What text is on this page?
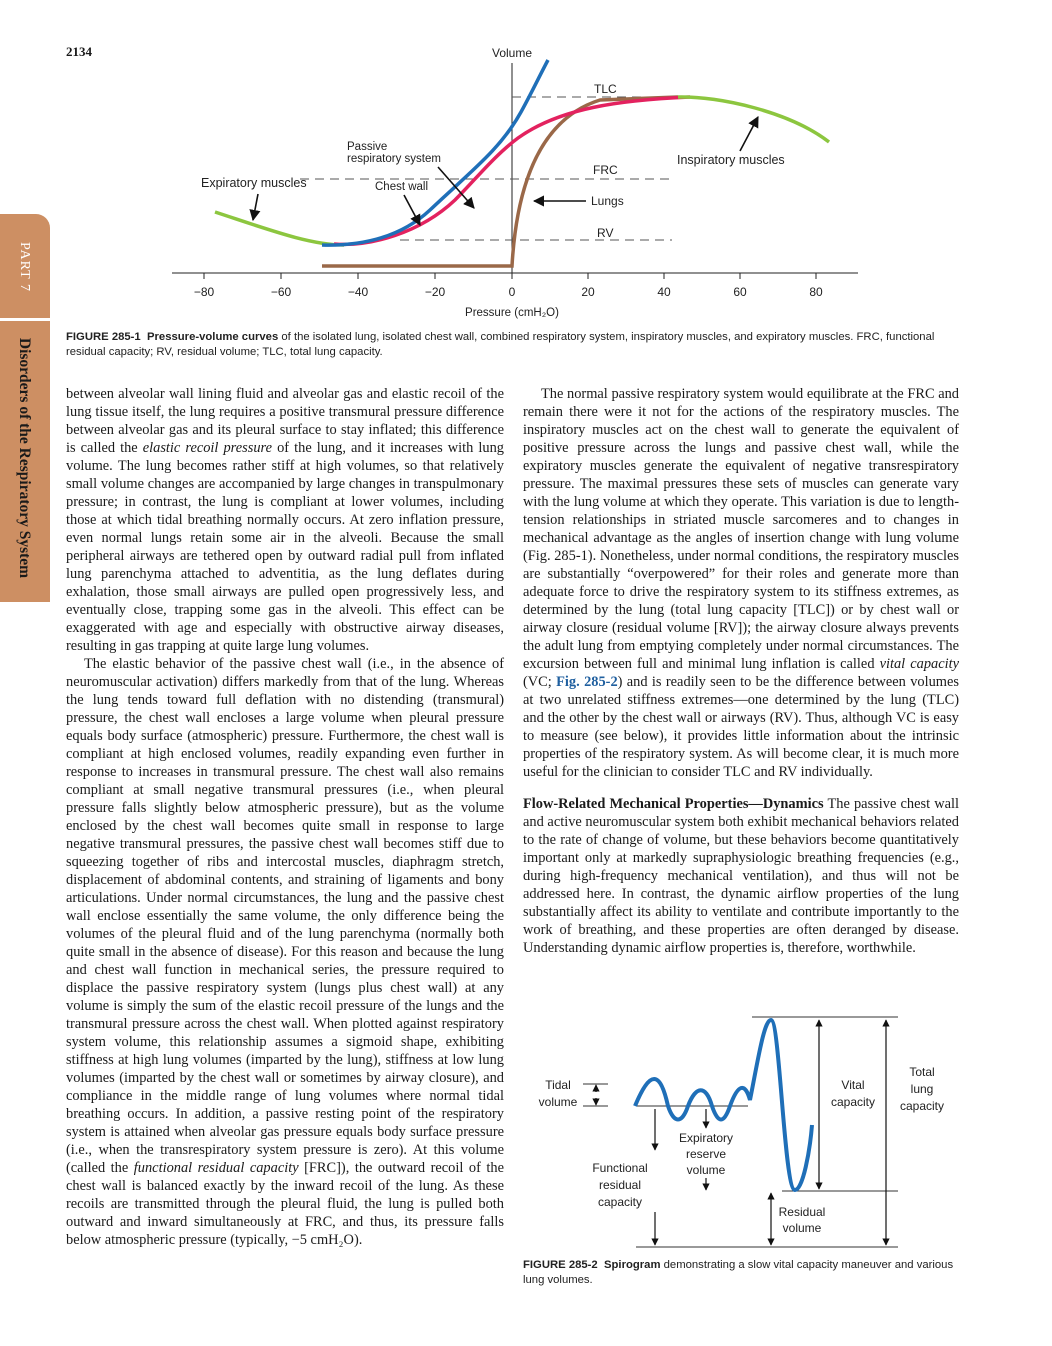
2134
PART 7
Disorders of the Respiratory System
−80	−60	−40	−20	0	20	40	60	80
Volume
Pressure (cmH₂O)
TLC
FRC
RV
Expiratory muscles
Passive
respiratory system
Chest wall
Lungs
Inspiratory muscles
FIGURE 285-1 Pressure-volume curves of the isolated lung, isolated chest wall, combined respiratory system, inspiratory muscles, and expiratory muscles. FRC, functional residual capacity; RV, residual volume; TLC, total lung capacity.

between alveolar wall lining fluid and alveolar gas and elastic recoil of the lung tissue itself, the lung requires a positive transmural pressure difference between alveolar gas and its pleural surface to stay inflated; this difference is called the elastic recoil pressure of the lung, and it increases with lung volume. The lung becomes rather stiff at high volumes, so that relatively small volume changes are accompanied by large changes in transpulmonary pressure; in contrast, the lung is compliant at lower volumes, including those at which tidal breathing normally occurs. At zero inflation pressure, even normal lungs retain some air in the alveoli. Because the small peripheral airways are tethered open by outward radial pull from inflated lung parenchyma attached to adventitia, as the lung deflates during exhalation, those small airways are pulled open progressively less, and eventually close, trapping some gas in the alveoli. This effect can be exaggerated with age and especially with obstructive airway diseases, resulting in gas trapping at quite large lung volumes.

The elastic behavior of the passive chest wall (i.e., in the absence of neuromuscular activation) differs markedly from that of the lung. Whereas the lung tends toward full deflation with no distending (transmural) pressure, the chest wall encloses a large volume when pleural pressure equals body surface (atmospheric) pressure. Furthermore, the chest wall is compliant at high enclosed volumes, readily expanding even further in response to increases in transmural pressure. The chest wall also remains compliant at small negative transmural pressures (i.e., when pleural pressure falls slightly below atmospheric pressure), but as the volume enclosed by the chest wall becomes quite small in response to large negative transmural pressures, the passive chest wall becomes stiff due to squeezing together of ribs and intercostal muscles, diaphragm stretch, displacement of abdominal contents, and straining of ligaments and bony articulations. Under normal circumstances, the lung and the passive chest wall enclose essentially the same volume, the only difference being the volumes of the pleural fluid and of the lung parenchyma (normally both quite small in the absence of disease). For this reason and because the lung and chest wall function in mechanical series, the pressure required to displace the passive respiratory system (lungs plus chest wall) at any volume is simply the sum of the elastic recoil pressure of the lungs and the transmural pressure across the chest wall. When plotted against respiratory system volume, this relationship assumes a sigmoid shape, exhibiting stiffness at high lung volumes (imparted by the lung), stiffness at low lung volumes (imparted by the chest wall or sometimes by airway closure), and compliance in the middle range of lung volumes where normal tidal breathing occurs. In addition, a passive resting point of the respiratory system is attained when alveolar gas pressure equals body surface pressure (i.e., when the transrespiratory system pressure is zero). At this volume (called the functional residual capacity [FRC]), the outward recoil of the chest wall is balanced exactly by the inward recoil of the lung. As these recoils are transmitted through the pleural fluid, the lung is pulled both outward and inward simultaneously at FRC, and thus, its pressure falls below atmospheric pressure (typically, −5 cmH₂O).

The normal passive respiratory system would equilibrate at the FRC and remain there were it not for the actions of the respiratory muscles. The inspiratory muscles act on the chest wall to generate the equivalent of positive pressure across the lungs and passive chest wall, while the expiratory muscles generate the equivalent of negative transrespiratory pressure. The maximal pressures these sets of muscles can generate vary with the lung volume at which they operate. This variation is due to length-tension relationships in striated muscle sarcomeres and to changes in mechanical advantage as the angles of insertion change with lung volume (Fig. 285-1). Nonetheless, under normal conditions, the respiratory muscles are substantially “overpowered” for their roles and generate more than adequate force to drive the respiratory system to its stiffness extremes, as determined by the lung (total lung capacity [TLC]) or by chest wall or airway closure (residual volume [RV]); the airway closure always prevents the adult lung from emptying completely under normal circumstances. The excursion between full and minimal lung inflation is called vital capacity (VC; Fig. 285-2) and is readily seen to be the difference between volumes at two unrelated stiffness extremes—one determined by the lung (TLC) and the other by the chest wall or airways (RV). Thus, although VC is easy to measure (see below), it provides little information about the intrinsic properties of the respiratory system. As will become clear, it is much more useful for the clinician to consider TLC and RV individually.

Flow-Related Mechanical Properties—Dynamics The passive chest wall and active neuromuscular system both exhibit mechanical behaviors related to the rate of change of volume, but these behaviors become quantitatively important only at markedly supraphysiologic breathing frequencies (e.g., during high-frequency mechanical ventilation), and thus will not be addressed here. In contrast, the dynamic airflow properties of the lung substantially affect its ability to ventilate and contribute importantly to the work of breathing, and these properties are often deranged by disease. Understanding dynamic airflow properties is, therefore, worthwhile.

Tidal
volume
Vital
capacity
Total
lung
capacity
Expiratory
reserve
volume
Functional
residual
capacity
Residual
volume
FIGURE 285-2 Spirogram demonstrating a slow vital capacity maneuver and various lung volumes.
